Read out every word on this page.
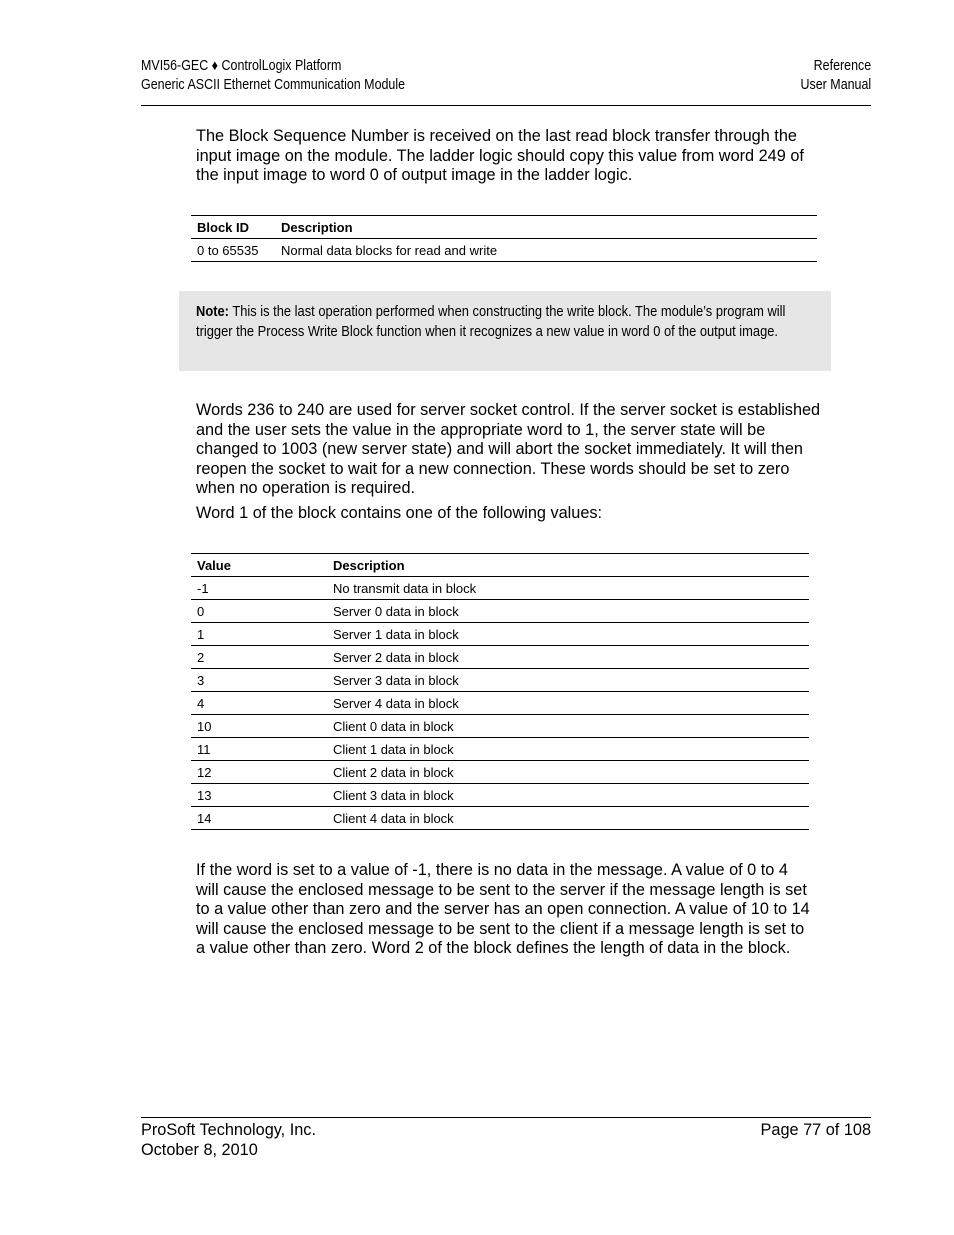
MVI56-GEC ♦ ControlLogix Platform
Generic ASCII Ethernet Communication Module
Reference
User Manual

The Block Sequence Number is received on the last read block transfer through the input image on the module. The ladder logic should copy this value from word 249 of the input image to word 0 of output image in the ladder logic.

Block ID	Description
0 to 65535	Normal data blocks for read and write
Note: This is the last operation performed when constructing the write block. The module’s program will trigger the Process Write Block function when it recognizes a new value in word 0 of the output image.

Words 236 to 240 are used for server socket control. If the server socket is established and the user sets the value in the appropriate word to 1, the server state will be changed to 1003 (new server state) and will abort the socket immediately. It will then reopen the socket to wait for a new connection. These words should be set to zero when no operation is required.

Word 1 of the block contains one of the following values:

Value	Description
-1	No transmit data in block
0	Server 0 data in block
1	Server 1 data in block
2	Server 2 data in block
3	Server 3 data in block
4	Server 4 data in block
10	Client 0 data in block
11	Client 1 data in block
12	Client 2 data in block
13	Client 3 data in block
14	Client 4 data in block

If the word is set to a value of -1, there is no data in the message. A value of 0 to 4 will cause the enclosed message to be sent to the server if the message length is set to a value other than zero and the server has an open connection. A value of 10 to 14 will cause the enclosed message to be sent to the client if a message length is set to a value other than zero. Word 2 of the block defines the length of data in the block.

ProSoft Technology, Inc.
October 8, 2010
Page 77 of 108
